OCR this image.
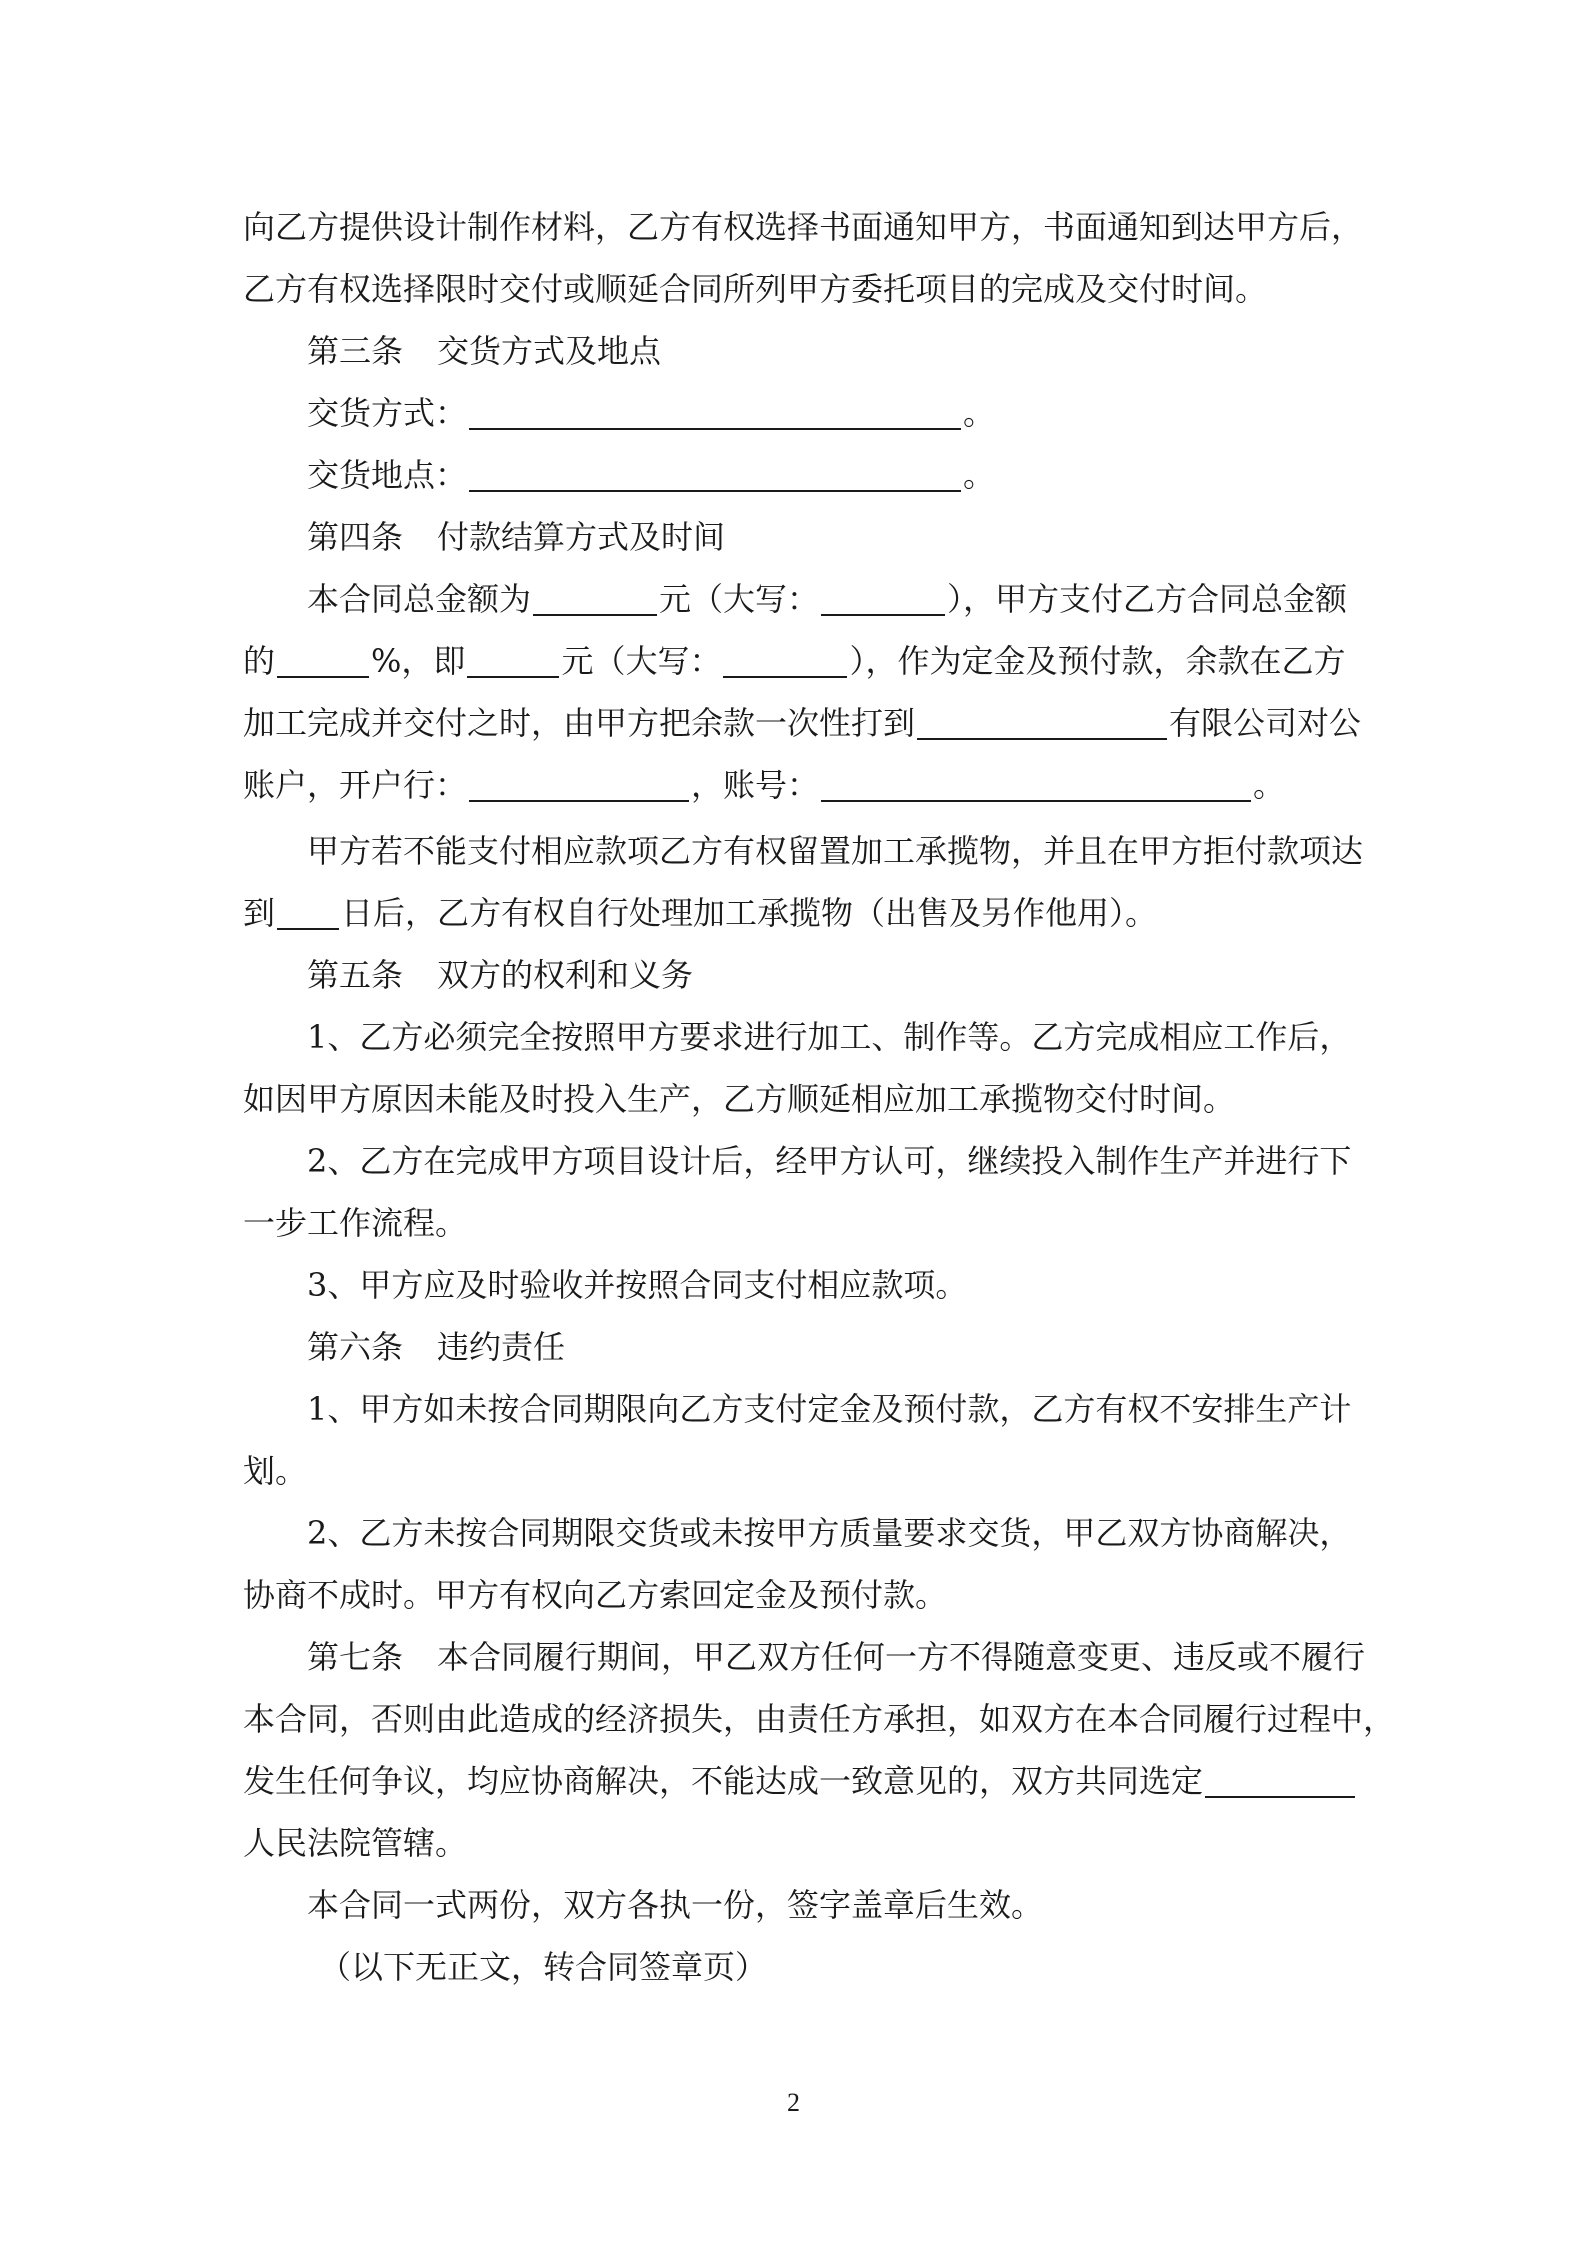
向乙方提供设计制作材料，乙方有权选择书面通知甲方，书面通知到达甲方后，
乙方有权选择限时交付或顺延合同所列甲方委托项目的完成及交付时间。
第三条 交货方式及地点
交货方式：	。
交货地点：	。
第四条 付款结算方式及时间
本合同总金额为	元（大写：	），甲方支付乙方合同总金额
的	%，即	元（大写：	），作为定金及预付款，余款在乙方
加工完成并交付之时，由甲方把余款一次性打到	有限公司对公
账户，开户行：	，账号：	。
甲方若不能支付相应款项乙方有权留置加工承揽物，并且在甲方拒付款项达
到 日后，乙方有权自行处理加工承揽物（出售及另作他用）。
第五条 双方的权利和义务
1、乙方必须完全按照甲方要求进行加工、制作等。乙方完成相应工作后，
如因甲方原因未能及时投入生产，乙方顺延相应加工承揽物交付时间。
2、乙方在完成甲方项目设计后，经甲方认可，继续投入制作生产并进行下
一步工作流程。
3、甲方应及时验收并按照合同支付相应款项。
第六条 违约责任
1、甲方如未按合同期限向乙方支付定金及预付款，乙方有权不安排生产计
划。
2、乙方未按合同期限交货或未按甲方质量要求交货，甲乙双方协商解决，
协商不成时。甲方有权向乙方索回定金及预付款。
第七条 本合同履行期间，甲乙双方任何一方不得随意变更、违反或不履行
本合同，否则由此造成的经济损失，由责任方承担，如双方在本合同履行过程中，
发生任何争议，均应协商解决，不能达成一致意见的，双方共同选定
人民法院管辖。
本合同一式两份，双方各执一份，签字盖章后生效。
（以下无正文，转合同签章页）
2
